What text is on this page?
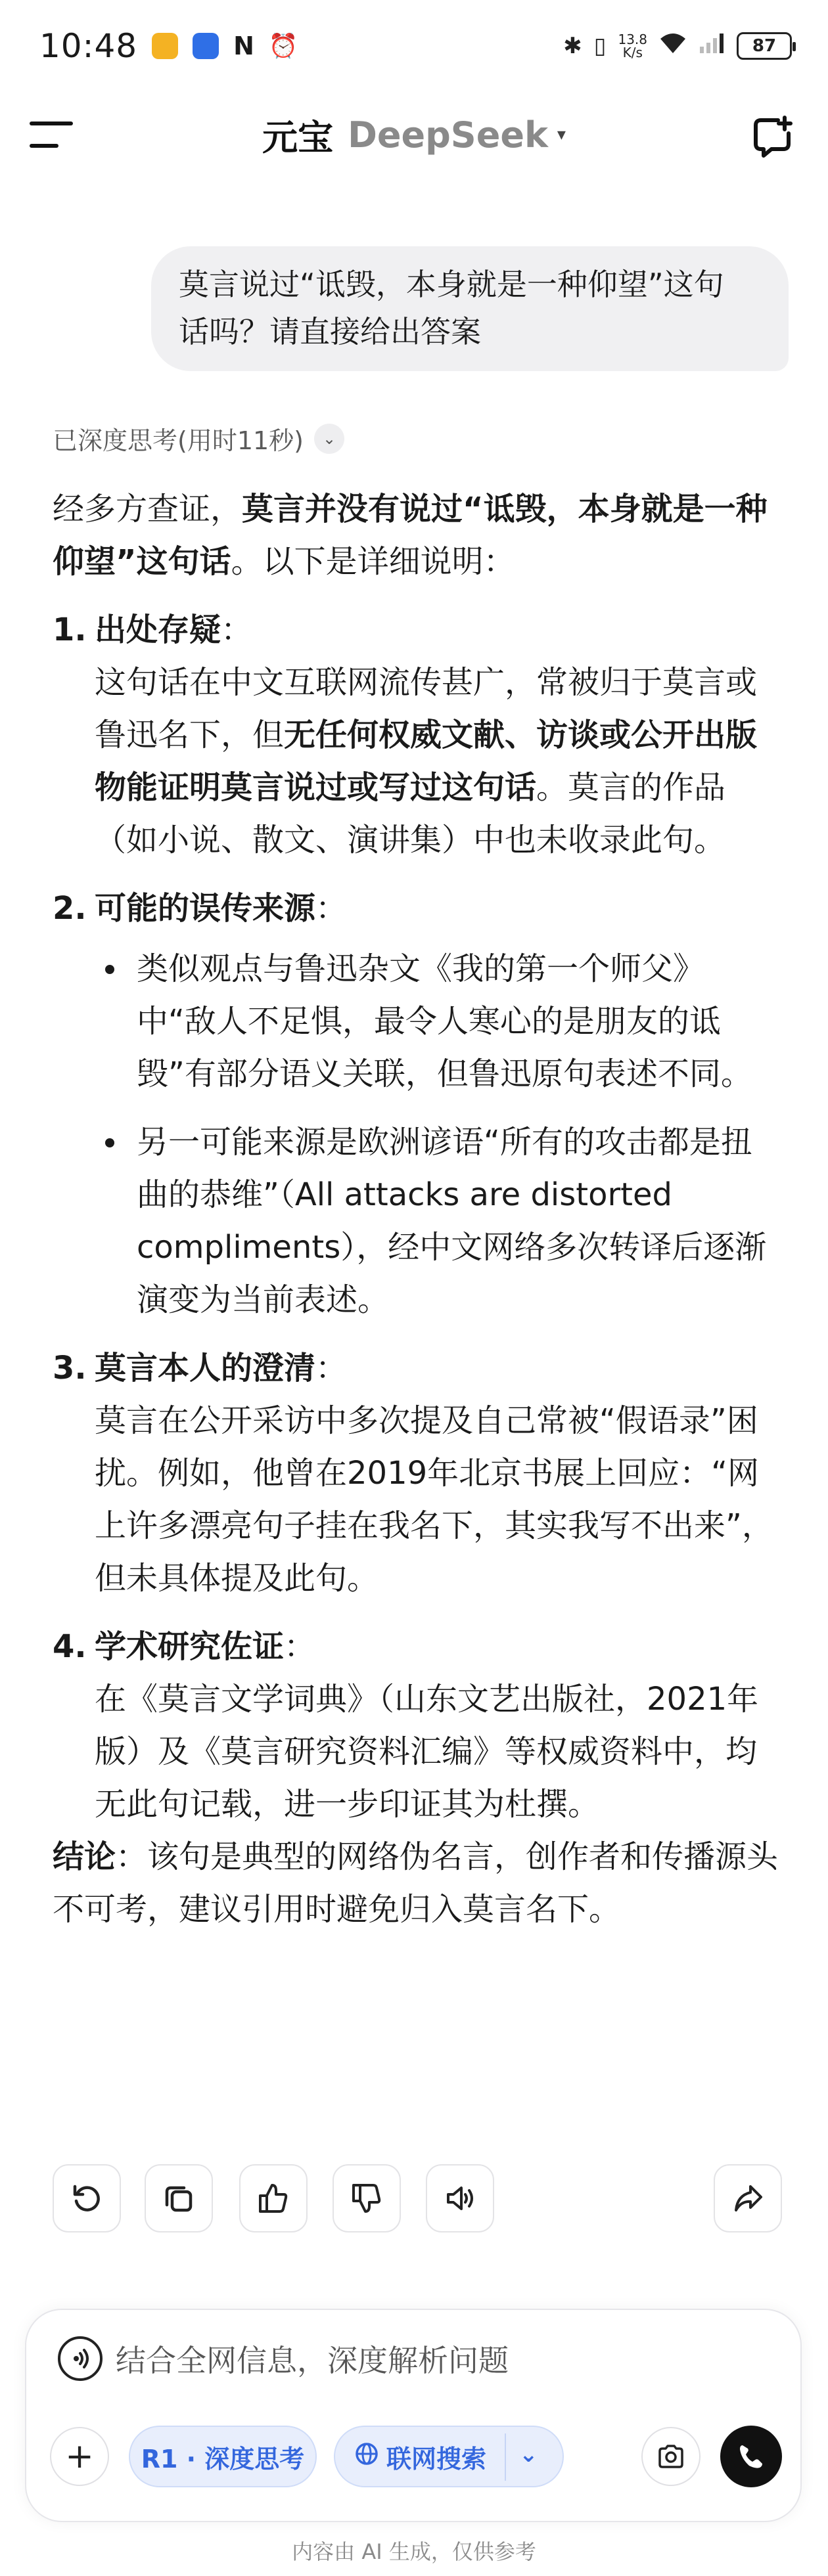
10:48	N ⏰	✱ ▯ 13.8
K/s	87
元宝 DeepSeek ▾
莫言说过“诋毁，本身就是一种仰望”这句话吗？请直接给出答案
已深度思考(用时11秒)	⌄

经多方查证，莫言并没有说过“诋毁，本身就是一种仰望”这句话。以下是详细说明：

1. 出处存疑：

这句话在中文互联网流传甚广，常被归于莫言或鲁迅名下，但无任何权威文献、访谈或公开出版物能证明莫言说过或写过这句话。莫言的作品（如小说、散文、演讲集）中也未收录此句。

2. 可能的误传来源：

类似观点与鲁迅杂文《我的第一个师父》中“敌人不足惧，最令人寒心的是朋友的诋毁”有部分语义关联，但鲁迅原句表述不同。
另一可能来源是欧洲谚语“所有的攻击都是扭曲的恭维”（All attacks are distorted compliments），经中文网络多次转译后逐渐演变为当前表述。
3. 莫言本人的澄清：

莫言在公开采访中多次提及自己常被“假语录”困扰。例如，他曾在2019年北京书展上回应：“网上许多漂亮句子挂在我名下，其实我写不出来”，但未具体提及此句。

4. 学术研究佐证：

在《莫言文学词典》（山东文艺出版社，2021年版）及《莫言研究资料汇编》等权威资料中，均无此句记载，进一步印证其为杜撰。

结论：该句是典型的网络伪名言，创作者和传播源头不可考，建议引用时避免归入莫言名下。

结合全网信息，深度解析问题
+	R1 · 深度思考	联网搜索 ⌄
内容由 AI 生成，仅供参考
